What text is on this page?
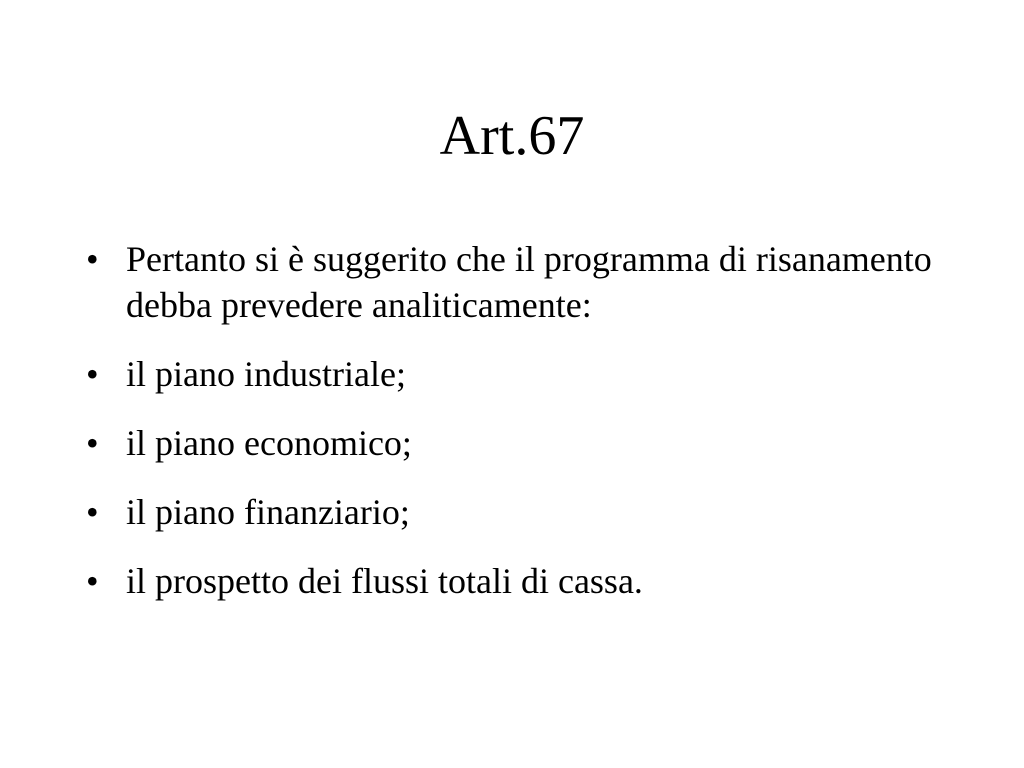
Art.67
• Pertanto si è suggerito che il programma di risanamento debba prevedere analiticamente:
• il piano industriale;
• il piano economico;
• il piano finanziario;
• il prospetto dei flussi totali di cassa.
